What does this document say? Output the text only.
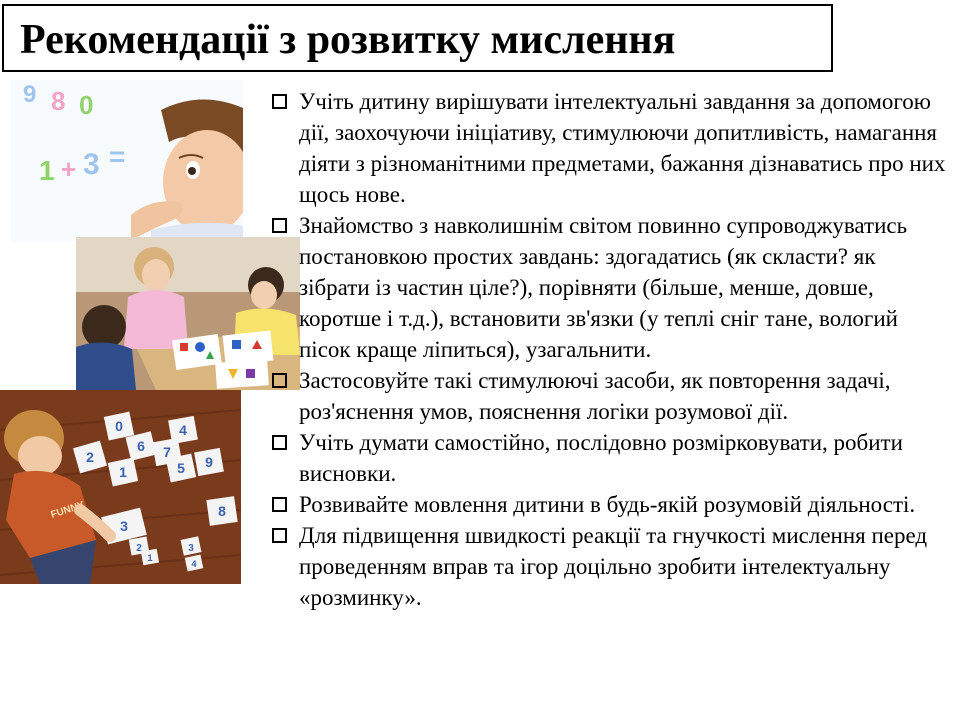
Рекомендації з розвитку мислення
9 8 0
1 + 3 =
0	4
6 7
2
1	5 9
8
3
2
1
3
4
FUNNY
Учіть дитину вирішувати інтелектуальні завдання за допомогою дії, заохочуючи ініціативу, стимулюючи допитливість, намагання діяти з різноманітними предметами, бажання дізнаватись про них щось нове.
Знайомство з навколишнім світом повинно супроводжуватись постановкою простих завдань: здогадатись (як скласти? як зібрати із частин ціле?), порівняти (більше, менше, довше, коротше і т.д.), встановити зв'язки (у теплі сніг тане, вологий пісок краще ліпиться), узагальнити.
Застосовуйте такі стимулюючі засоби, як повторення задачі, роз'яснення умов, пояснення логіки розумової дії.
Учіть думати самостійно, послідовно розмірковувати, робити висновки.
Розвивайте мовлення дитини в будь-якій розумовій діяльності.
Для підвищення швидкості реакції та гнучкості мислення перед проведенням вправ та ігор доцільно зробити інтелектуальну «розминку».
